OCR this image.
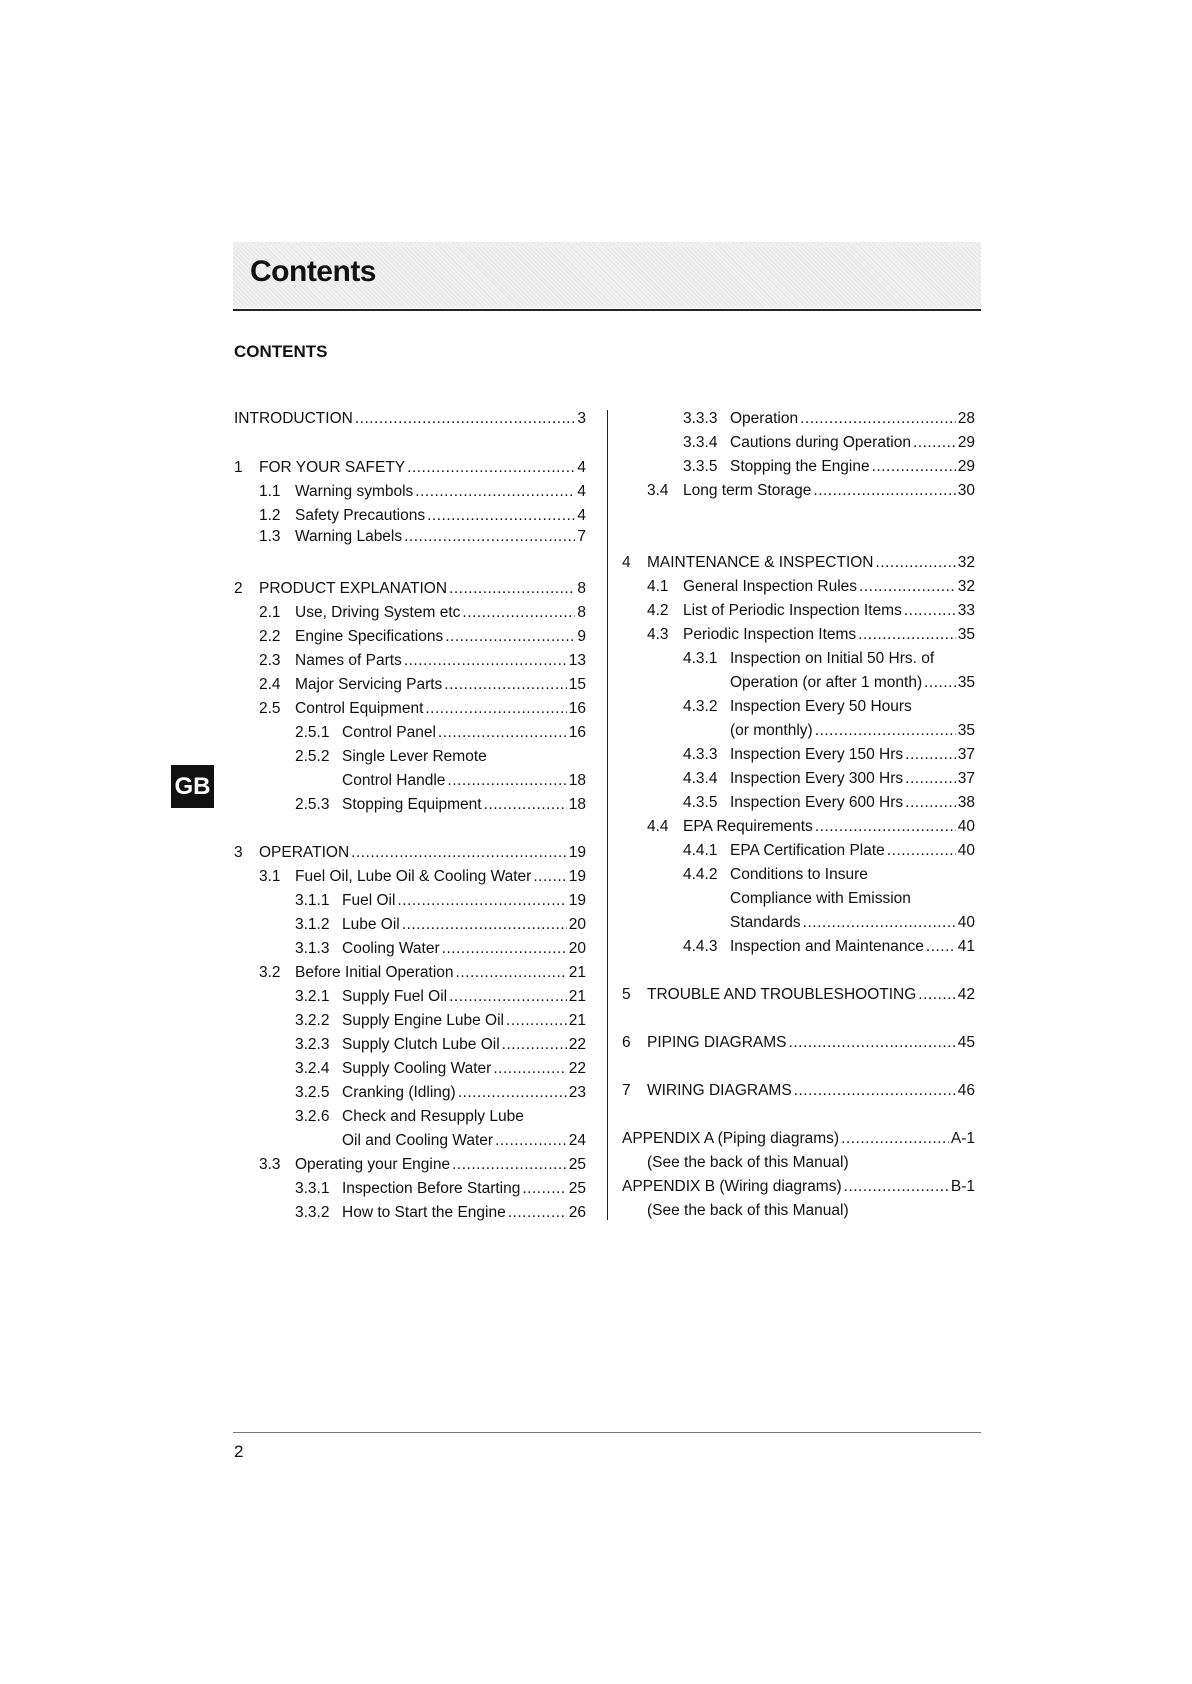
Contents
CONTENTS
GB
2
INTRODUCTION .....	3
1	FOR YOUR SAFETY .....	4
1.1 Warning symbols .....	4
1.2 Safety Precautions .....	4
1.3 Warning Labels .....	7
2	PRODUCT EXPLANATION .....	8
2.1 Use, Driving System etc .....	8
2.2 Engine Specifications .....	9
2.3 Names of Parts .....	13
2.4 Major Servicing Parts .....	15
2.5 Control Equipment .....	16
2.5.1 Control Panel .....	16
2.5.2 Single Lever Remote
Control Handle .....	18
2.5.3 Stopping Equipment .....	18
3	OPERATION .....	19
3.1 Fuel Oil, Lube Oil & Cooling Water ..... 19
3.1.1 Fuel Oil .....	19
3.1.2 Lube Oil .....	20
3.1.3 Cooling Water .....	20
3.2 Before Initial Operation .....	21
3.2.1 Supply Fuel Oil .....	21
3.2.2 Supply Engine Lube Oil .....	21
3.2.3 Supply Clutch Lube Oil .....	22
3.2.4 Supply Cooling Water .....	22
3.2.5 Cranking (Idling) .....	23
3.2.6 Check and Resupply Lube
Oil and Cooling Water .....	24
3.3 Operating your Engine .....	25
3.3.1 Inspection Before Starting .....	25
3.3.2 How to Start the Engine .....	26
3.3.3 Operation .....	28
3.3.4 Cautions during Operation .....	29
3.3.5 Stopping the Engine .....	29
3.4 Long term Storage .....	30
4	MAINTENANCE & INSPECTION .....	32
4.1 General Inspection Rules .....	32
4.2 List of Periodic Inspection Items .....	33
4.3 Periodic Inspection Items .....	35
4.3.1 Inspection on Initial 50 Hrs. of
Operation (or after 1 month) ..... 35
4.3.2 Inspection Every 50 Hours
(or monthly) .....	35
4.3.3 Inspection Every 150 Hrs .....	37
4.3.4 Inspection Every 300 Hrs .....	37
4.3.5 Inspection Every 600 Hrs .....	38
4.4 EPA Requirements .....	40
4.4.1 EPA Certification Plate .....	40
4.4.2 Conditions to Insure
Compliance with Emission
Standards .....	40
4.4.3 Inspection and Maintenance ..... 41
5	TROUBLE AND TROUBLESHOOTING .....	42
6	PIPING DIAGRAMS .....	45
7	WIRING DIAGRAMS .....	46
APPENDIX A (Piping diagrams) .....	A-1
(See the back of this Manual)
APPENDIX B (Wiring diagrams) .....	B-1
(See the back of this Manual)
